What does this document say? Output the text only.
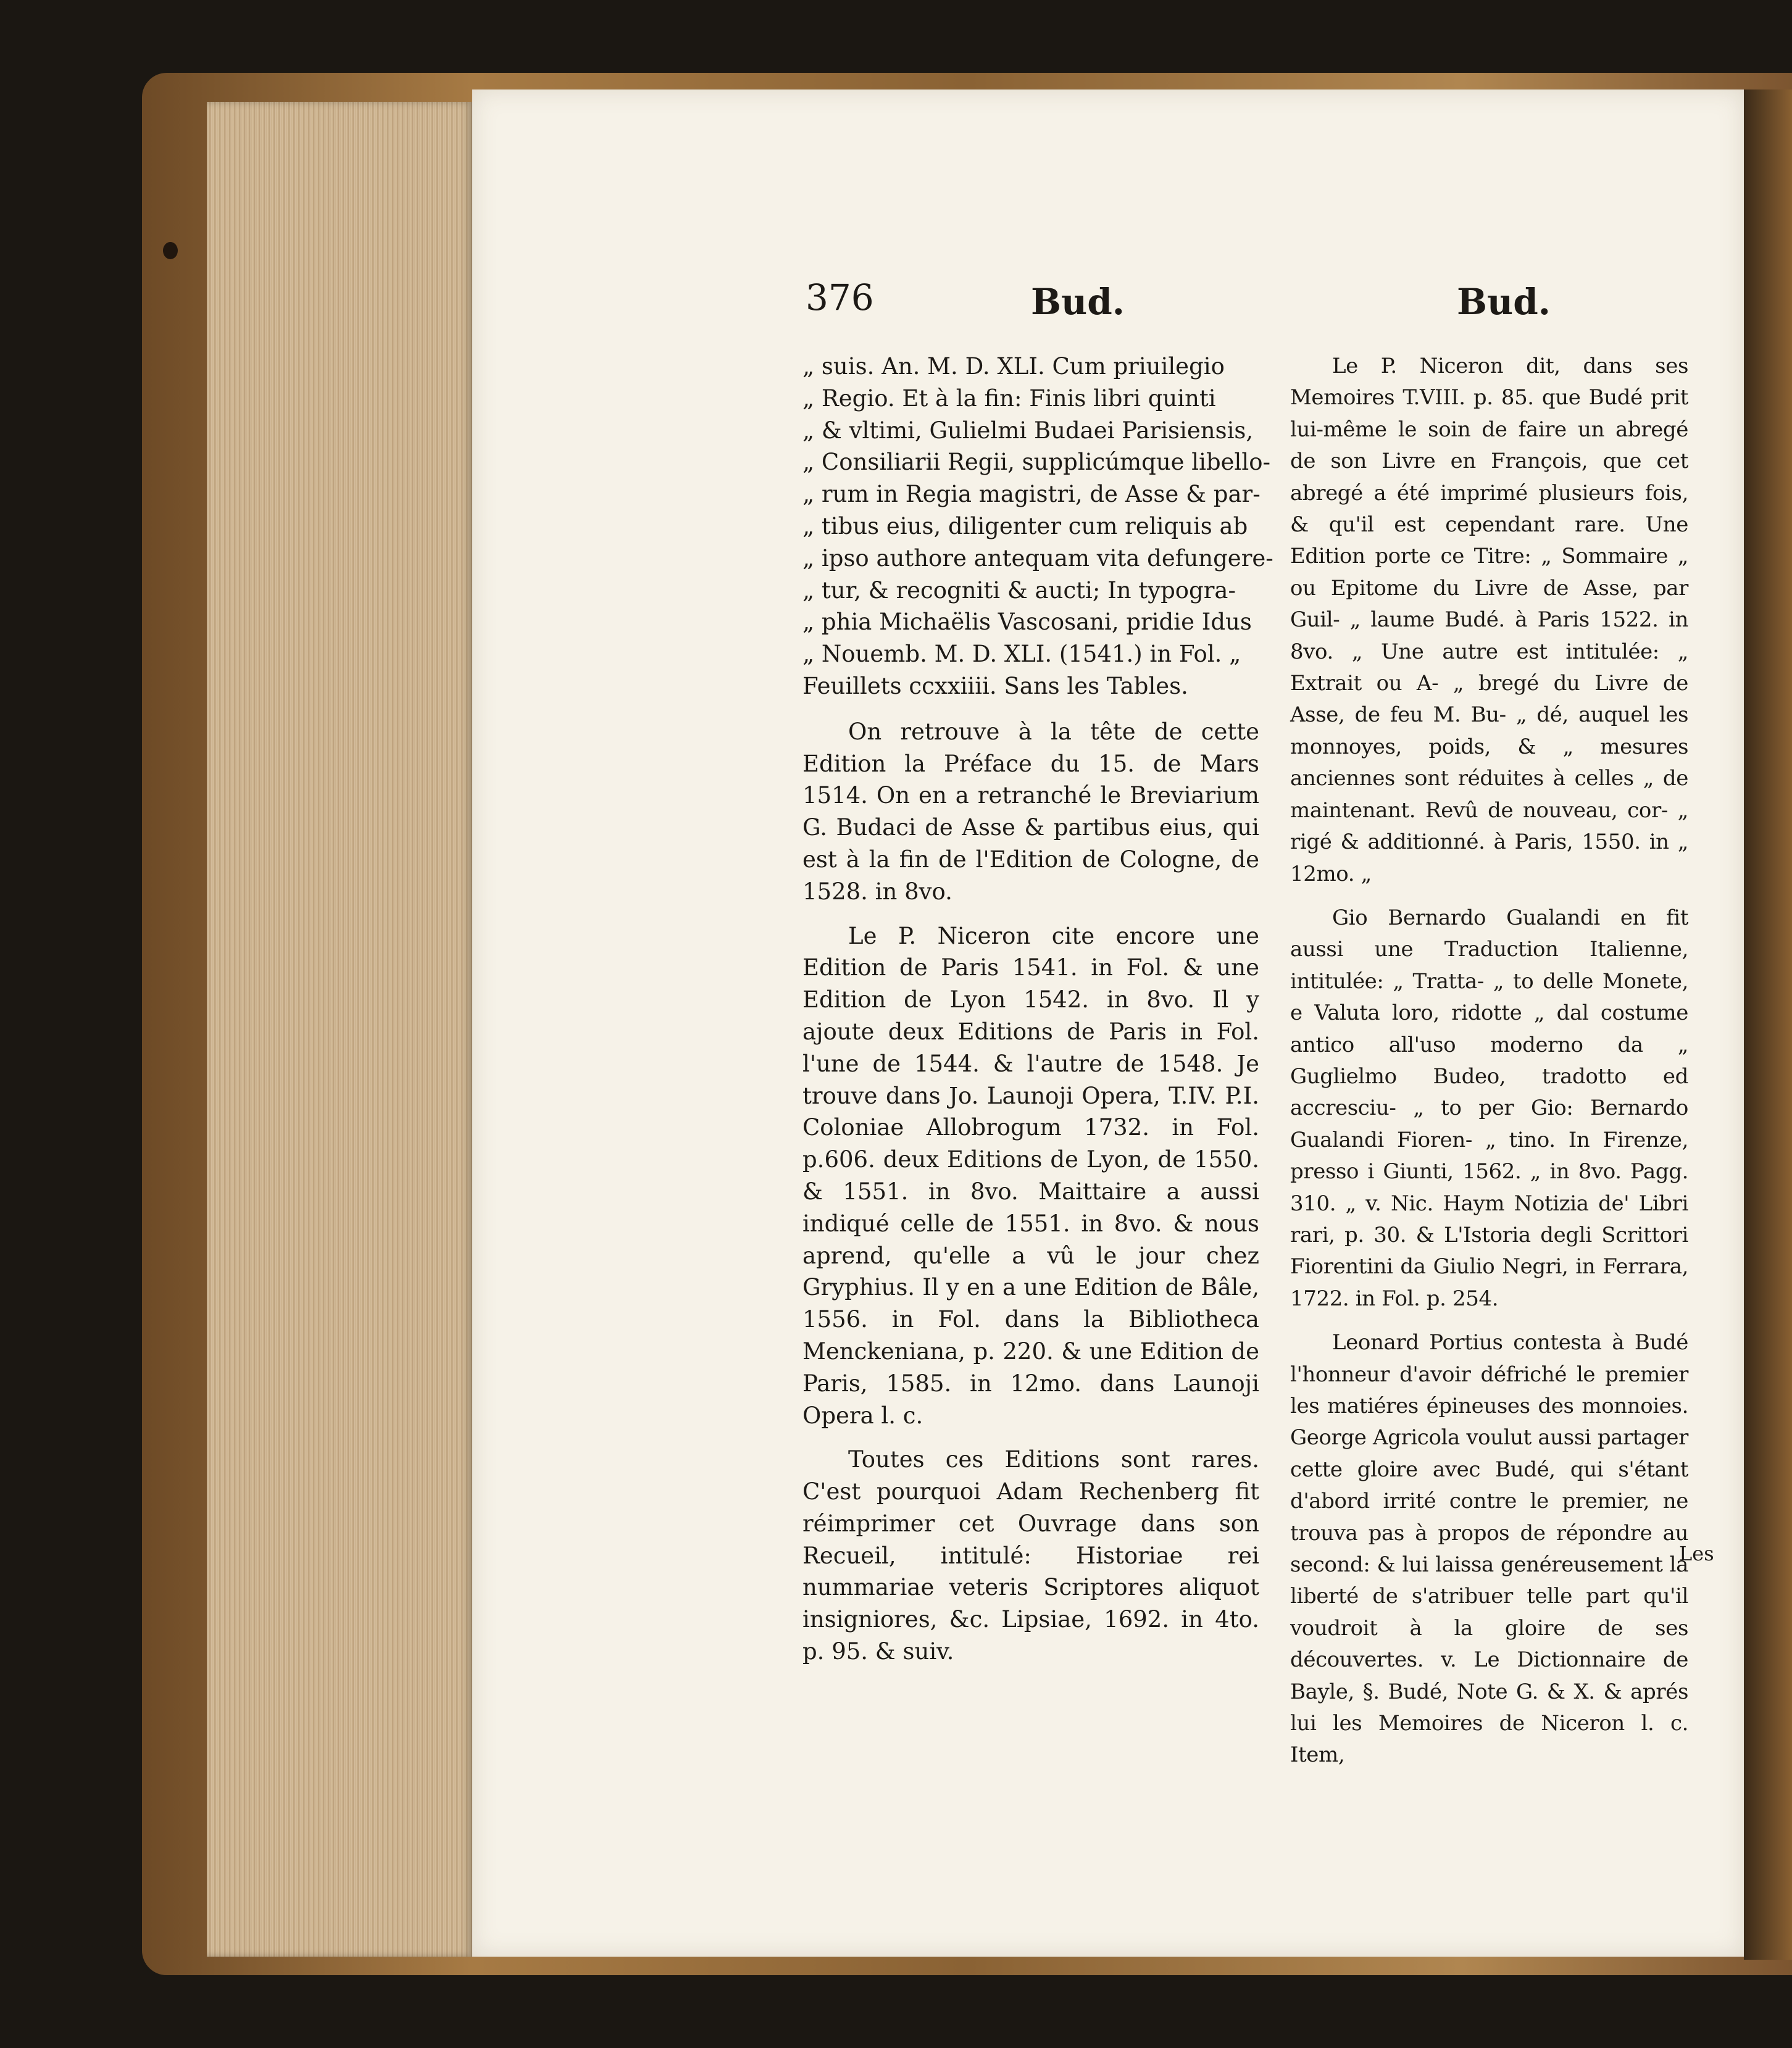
376	Bud.	Bud.
„ suis. An. M. D. XLI. Cum priuilegio
„ Regio. Et à la fin: Finis libri quinti
„ & vltimi, Gulielmi Budaei Parisiensis,
„ Consiliarii Regii, supplicúmque libello-
„ rum in Regia magistri, de Asse & par-
„ tibus eius, diligenter cum reliquis ab
„ ipso authore antequam vita defungere-
„ tur, & recogniti & aucti; In typogra-
„ phia Michaëlis Vascosani, pridie Idus
„ Nouemb. M. D. XLI. (1541.) in Fol. „
Feuillets ccxxiiii. Sans les Tables.

On retrouve à la tête de cette Edition la Préface du 15. de Mars 1514. On en a retranché le Breviarium G. Budaci de Asse & partibus eius, qui est à la fin de l'Edition de Cologne, de 1528. in 8vo.

Le P. Niceron cite encore une Edition de Paris 1541. in Fol. & une Edition de Lyon 1542. in 8vo. Il y ajoute deux Editions de Paris in Fol. l'une de 1544. & l'autre de 1548. Je trouve dans Jo. Launoji Opera, T.IV. P.I. Coloniae Allobrogum 1732. in Fol. p.606. deux Editions de Lyon, de 1550. & 1551. in 8vo. Maittaire a aussi indiqué celle de 1551. in 8vo. & nous aprend, qu'elle a vû le jour chez Gryphius. Il y en a une Edition de Bâle, 1556. in Fol. dans la Bibliotheca Menckeniana, p. 220. & une Edition de Paris, 1585. in 12mo. dans Launoji Opera l. c.

Toutes ces Editions sont rares. C'est pourquoi Adam Rechenberg fit réimprimer cet Ouvrage dans son Recueil, intitulé: Historiae rei nummariae veteris Scriptores aliquot insigniores, &c. Lipsiae, 1692. in 4to. p. 95. & suiv.

Le P. Niceron dit, dans ses Memoires T.VIII. p. 85. que Budé prit lui-même le soin de faire un abregé de son Livre en François, que cet abregé a été imprimé plusieurs fois, & qu'il est cependant rare. Une Edition porte ce Titre: „ Sommaire „ ou Epitome du Livre de Asse, par Guil- „ laume Budé. à Paris 1522. in 8vo. „ Une autre est intitulée: „ Extrait ou A- „ bregé du Livre de Asse, de feu M. Bu- „ dé, auquel les monnoyes, poids, & „ mesures anciennes sont réduites à celles „ de maintenant. Revû de nouveau, cor- „ rigé & additionné. à Paris, 1550. in „ 12mo. „

Gio Bernardo Gualandi en fit aussi une Traduction Italienne, intitulée: „ Tratta- „ to delle Monete, e Valuta loro, ridotte „ dal costume antico all'uso moderno da „ Guglielmo Budeo, tradotto ed accresciu- „ to per Gio: Bernardo Gualandi Fioren- „ tino. In Firenze, presso i Giunti, 1562. „ in 8vo. Pagg. 310. „ v. Nic. Haym Notizia de' Libri rari, p. 30. & L'Istoria degli Scrittori Fiorentini da Giulio Negri, in Ferrara, 1722. in Fol. p. 254.

Leonard Portius contesta à Budé l'honneur d'avoir défriché le premier les matiéres épineuses des monnoies. George Agricola voulut aussi partager cette gloire avec Budé, qui s'étant d'abord irrité contre le premier, ne trouva pas à propos de répondre au second: & lui laissa genéreusement la liberté de s'atribuer telle part qu'il voudroit à la gloire de ses découvertes. v. Le Dictionnaire de Bayle, §. Budé, Note G. & X. & aprés lui les Memoires de Niceron l. c. Item,

Les
